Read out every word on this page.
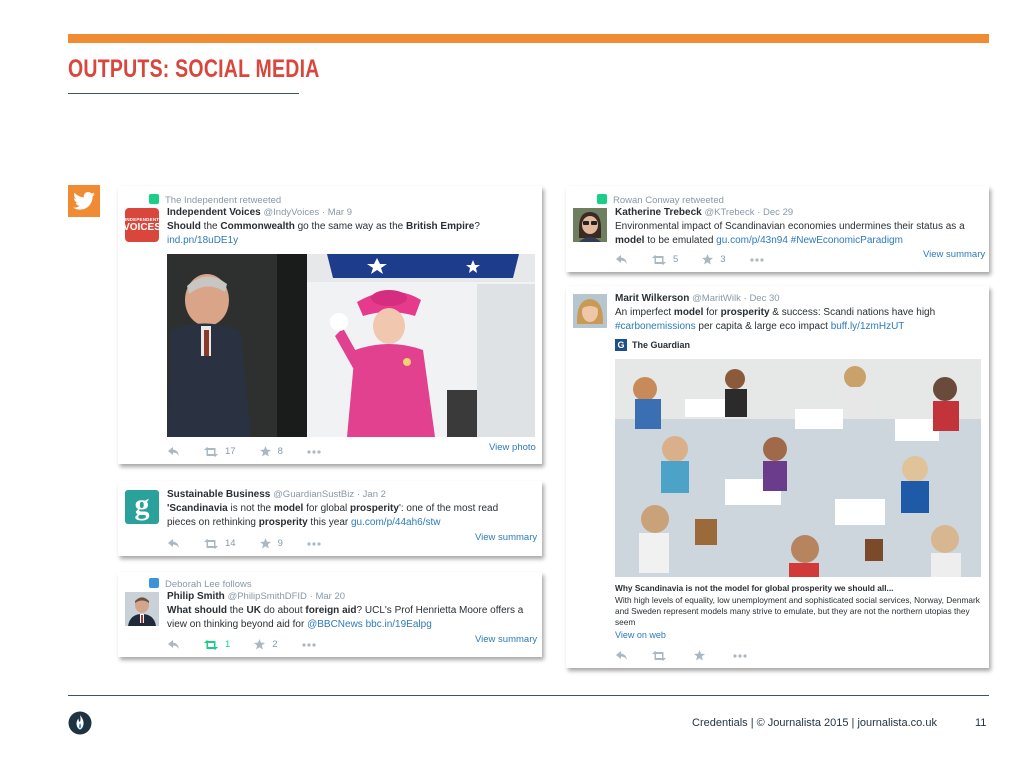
OUTPUTS: SOCIAL MEDIA
The Independent retweeted
INDEPENDENT
VOICES
Independent Voices @IndyVoices · Mar 9
Should the Commonwealth go the same way as the British Empire?
ind.pn/18uDE1y
View photo
17	8
g Sustainable Business @GuardianSustBiz · Jan 2
'Scandinavia is not the model for global prosperity': one of the most read
pieces on rethinking prosperity this year gu.com/p/44ah6/stw
View summary
14	9
Deborah Lee follows
Philip Smith @PhilipSmithDFID · Mar 20
What should the UK do about foreign aid? UCL's Prof Henrietta Moore offers a
view on thinking beyond aid for @BBCNews bbc.in/19Ealpg
View summary
1	2
Rowan Conway retweeted
Katherine Trebeck @KTrebeck · Dec 29
Environmental impact of Scandinavian economies undermines their status as a
model to be emulated gu.com/p/43n94 #NewEconomicParadigm
View summary
5	3
Marit Wilkerson @MaritWilk · Dec 30
An imperfect model for prosperity & success: Scandi nations have high
#carbonemissions per capita & large eco impact buff.ly/1zmHzUT
G The Guardian
Why Scandinavia is not the model for global prosperity we should all...
With high levels of equality, low unemployment and sophisticated social services, Norway, Denmark and Sweden represent models many strive to emulate, but they are not the northern utopias they seem
View on web
Credentials | © Journalista 2015 | journalista.co.uk	11
